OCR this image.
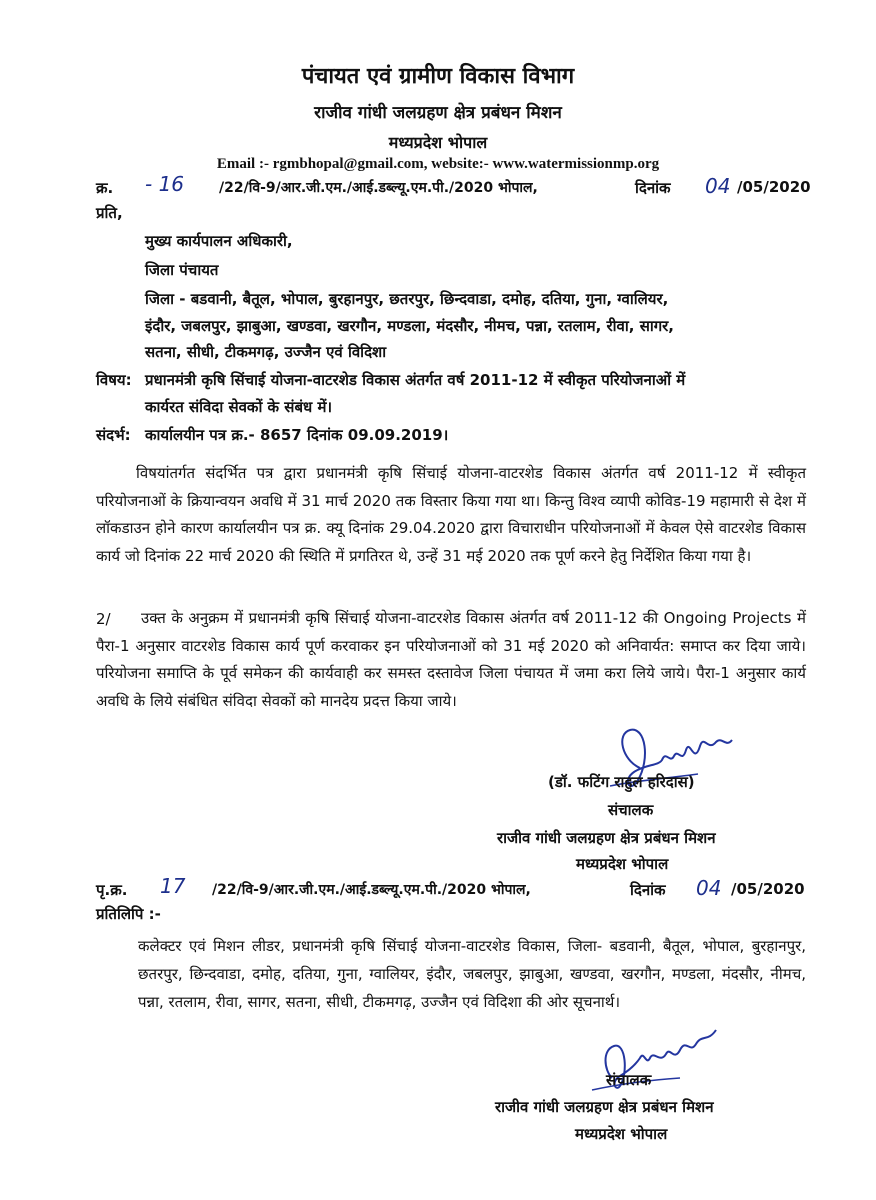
पंचायत एवं ग्रामीण विकास विभाग
राजीव गांधी जलग्रहण क्षेत्र प्रबंधन मिशन
मध्यप्रदेश भोपाल
Email :- rgmbhopal@gmail.com, website:- www.watermissionmp.org
क्र. - 16 /22/वि-9/आर.जी.एम./आई.डब्ल्यू.एम.पी./2020 भोपाल,	दिनांक 04 /05/2020
प्रति,
मुख्य कार्यपालन अधिकारी,
जिला पंचायत
जिला - बडवानी, बैतूल, भोपाल, बुरहानपुर, छतरपुर, छिन्दवाडा, दमोह, दतिया, गुना, ग्वालियर,
इंदौर, जबलपुर, झाबुआ, खण्डवा, खरगौन, मण्डला, मंदसौर, नीमच, पन्ना, रतलाम, रीवा, सागर,
सतना, सीधी, टीकमगढ़, उज्जैन एवं विदिशा
विषय: प्रधानमंत्री कृषि सिंचाई योजना-वाटरशेड विकास अंतर्गत वर्ष 2011-12 में स्वीकृत परियोजनाओं में
कार्यरत संविदा सेवकों के संबंध में।
संदर्भ: कार्यालयीन पत्र क्र.- 8657 दिनांक 09.09.2019।
विषयांतर्गत संदर्भित पत्र द्वारा प्रधानमंत्री कृषि सिंचाई योजना-वाटरशेड विकास अंतर्गत वर्ष 2011-12 में स्वीकृत परियोजनाओं के क्रियान्वयन अवधि में 31 मार्च 2020 तक विस्तार किया गया था। किन्तु विश्व व्यापी कोविड-19 महामारी से देश में लॉकडाउन होने कारण कार्यालयीन पत्र क्र. क्यू दिनांक 29.04.2020 द्वारा विचाराधीन परियोजनाओं में केवल ऐसे वाटरशेड विकास कार्य जो दिनांक 22 मार्च 2020 की स्थिति में प्रगतिरत थे, उन्हें 31 मई 2020 तक पूर्ण करने हेतु निर्देशित किया गया है।
2/	उक्त के अनुक्रम में प्रधानमंत्री कृषि सिंचाई योजना-वाटरशेड विकास अंतर्गत वर्ष 2011-12 की Ongoing Projects में पैरा-1 अनुसार वाटरशेड विकास कार्य पूर्ण करवाकर इन परियोजनाओं को 31 मई 2020 को अनिवार्यत: समाप्त कर दिया जाये। परियोजना समाप्ति के पूर्व समेकन की कार्यवाही कर समस्त दस्तावेज जिला पंचायत में जमा करा लिये जाये। पैरा-1 अनुसार कार्य अवधि के लिये संबंधित संविदा सेवकों को मानदेय प्रदत्त किया जाये।
(डॉ. फटिंग राहुल हरिदास)
संचालक
राजीव गांधी जलग्रहण क्षेत्र प्रबंधन मिशन
मध्यप्रदेश भोपाल
पृ.क्र. 17 /22/वि-9/आर.जी.एम./आई.डब्ल्यू.एम.पी./2020 भोपाल,	दिनांक 04 /05/2020
प्रतिलिपि :-
कलेक्टर एवं मिशन लीडर, प्रधानमंत्री कृषि सिंचाई योजना-वाटरशेड विकास, जिला- बडवानी, बैतूल, भोपाल, बुरहानपुर, छतरपुर, छिन्दवाडा, दमोह, दतिया, गुना, ग्वालियर, इंदौर, जबलपुर, झाबुआ, खण्डवा, खरगौन, मण्डला, मंदसौर, नीमच, पन्ना, रतलाम, रीवा, सागर, सतना, सीधी, टीकमगढ़, उज्जैन एवं विदिशा की ओर सूचनार्थ।
संचालक
राजीव गांधी जलग्रहण क्षेत्र प्रबंधन मिशन
मध्यप्रदेश भोपाल
